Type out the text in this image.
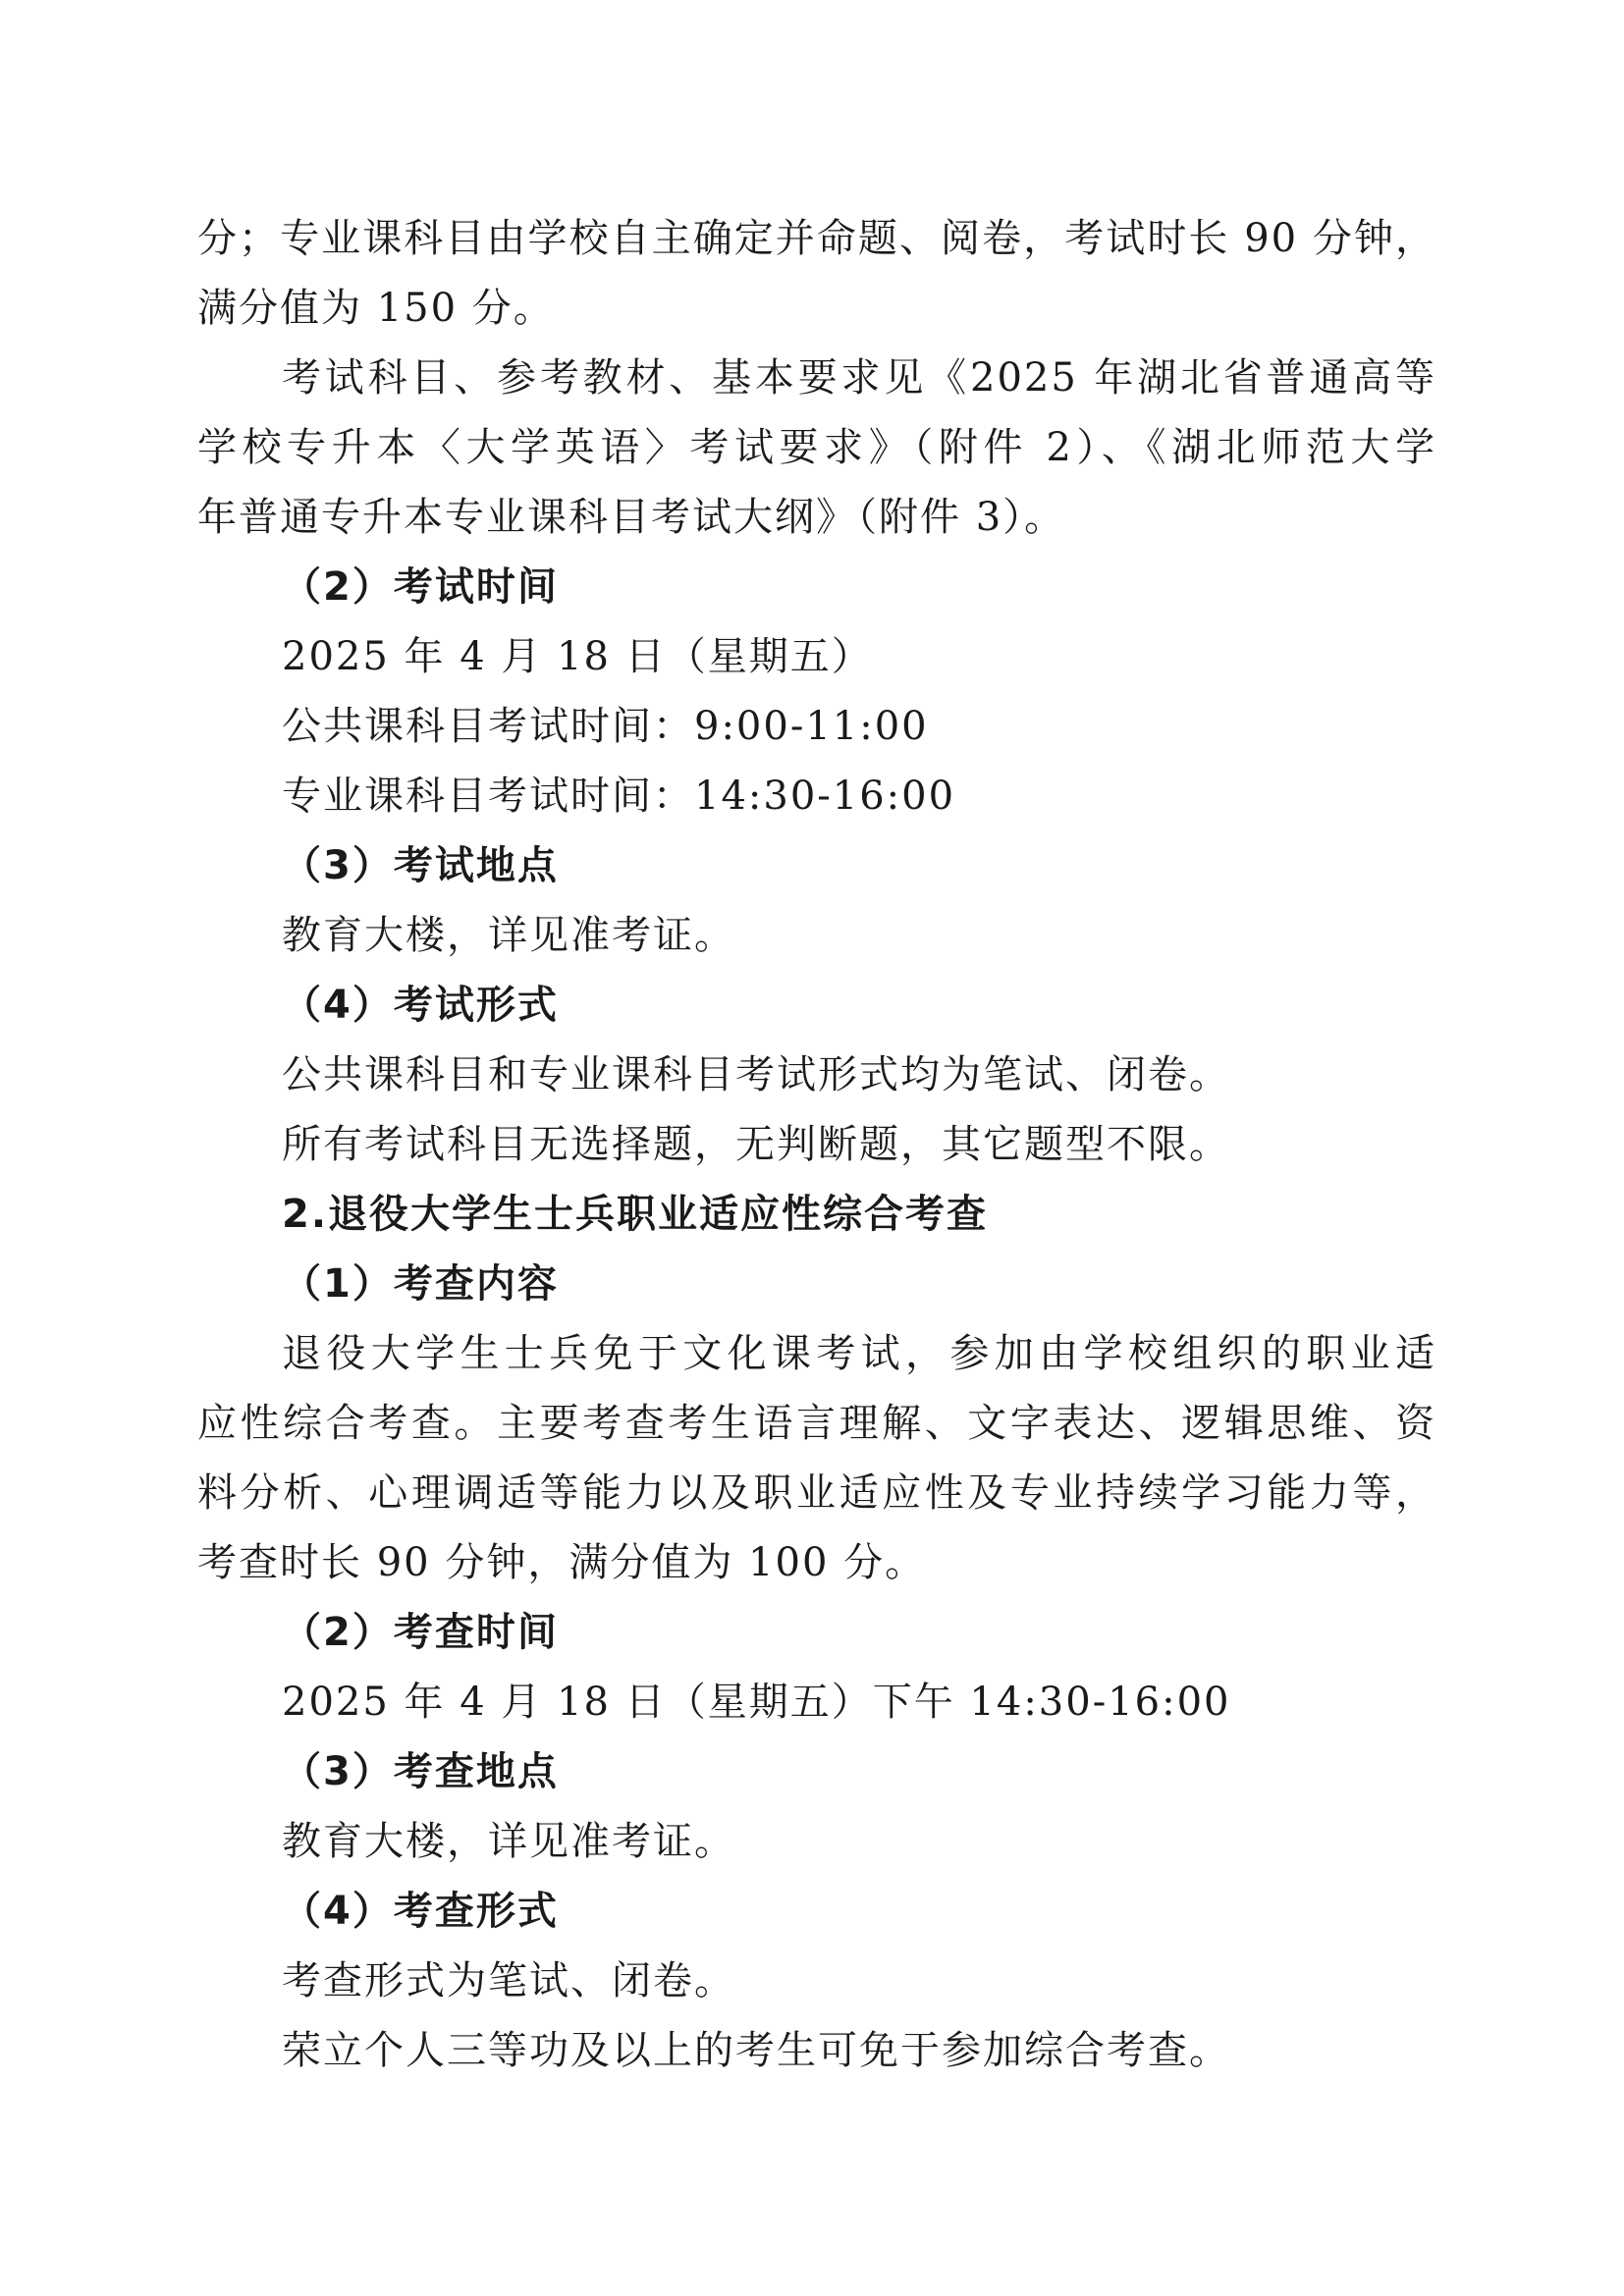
分；专业课科目由学校自主确定并命题、阅卷，考试时长 90 分钟，
满分值为 150 分。
考试科目、参考教材、基本要求见《2025 年湖北省普通高等
学校专升本〈大学英语〉考试要求》（附件 2）、《湖北师范大学
年普通专升本专业课科目考试大纲》（附件 3）。
（2）考试时间
2025 年 4 月 18 日（星期五）
公共课科目考试时间：9:00-11:00
专业课科目考试时间：14:30-16:00
（3）考试地点
教育大楼，详见准考证。
（4）考试形式
公共课科目和专业课科目考试形式均为笔试、闭卷。
所有考试科目无选择题，无判断题，其它题型不限。
2.退役大学生士兵职业适应性综合考查
（1）考查内容
退役大学生士兵免于文化课考试，参加由学校组织的职业适
应性综合考查。主要考查考生语言理解、文字表达、逻辑思维、资
料分析、心理调适等能力以及职业适应性及专业持续学习能力等，
考查时长 90 分钟，满分值为 100 分。
（2）考查时间
2025 年 4 月 18 日（星期五）下午 14:30-16:00
（3）考查地点
教育大楼，详见准考证。
（4）考查形式
考查形式为笔试、闭卷。
荣立个人三等功及以上的考生可免于参加综合考查。
